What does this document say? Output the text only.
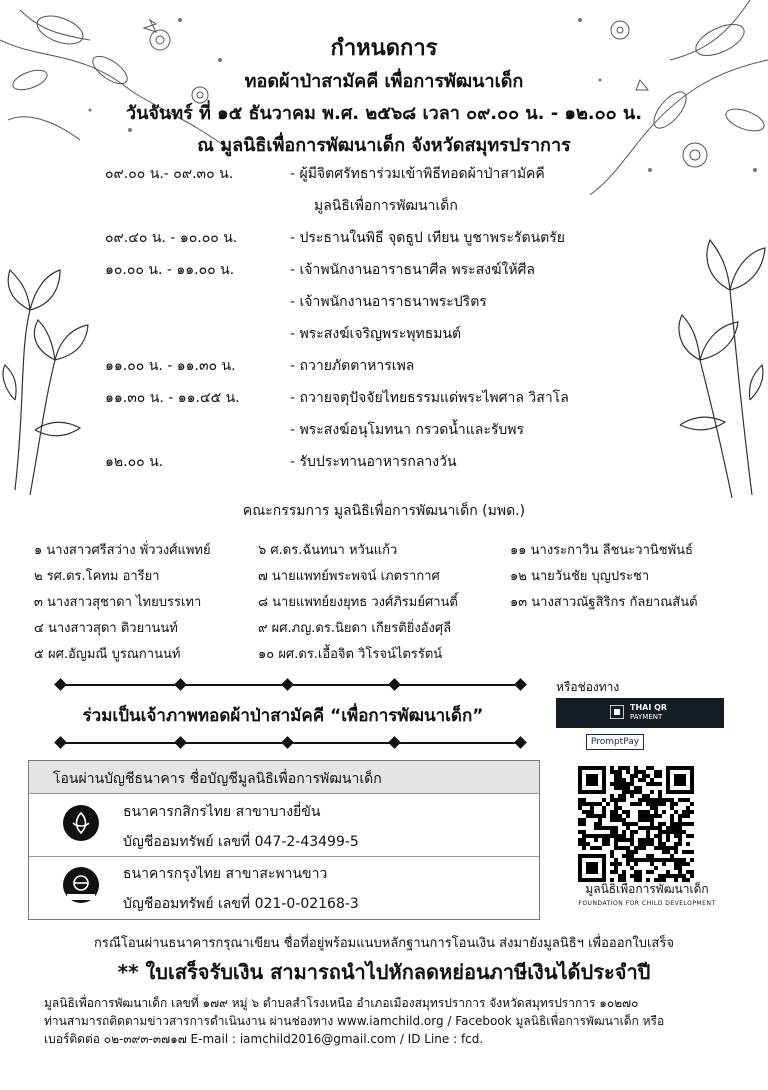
กำหนดการ
ทอดผ้าป่าสามัคคี เพื่อการพัฒนาเด็ก
วันจันทร์ ที่ ๑๕ ธันวาคม พ.ศ. ๒๕๖๘ เวลา ๐๙.๐๐ น. - ๑๒.๐๐ น.
ณ มูลนิธิเพื่อการพัฒนาเด็ก จังหวัดสมุทรปราการ
๐๙.๐๐ น.- ๐๙.๓๐ น.	- ผู้มีจิตศรัทธาร่วมเข้าพิธีทอดผ้าป่าสามัคคี
มูลนิธิเพื่อการพัฒนาเด็ก
๐๙.๔๐ น. - ๑๐.๐๐ น.	- ประธานในพิธี จุดธูป เทียน บูชาพระรัตนตรัย
๑๐.๐๐ น. - ๑๑.๐๐ น.	- เจ้าพนักงานอาราธนาศีล พระสงฆ์ให้ศีล
- เจ้าพนักงานอาราธนาพระปริตร
- พระสงฆ์เจริญพระพุทธมนต์
๑๑.๐๐ น. - ๑๑.๓๐ น.	- ถวายภัตตาหารเพล
๑๑.๓๐ น. - ๑๑.๔๕ น.	- ถวายจตุปัจจัยไทยธรรมแด่พระไพศาล วิสาโล
- พระสงฆ์อนุโมทนา กรวดน้ำและรับพร
๑๒.๐๐ น.	- รับประทานอาหารกลางวัน
คณะกรรมการ มูลนิธิเพื่อการพัฒนาเด็ก (มพด.)
๑ นางสาวศรีสว่าง พั่ววงศ์แพทย์
๒ รศ.ดร.โคทม อารียา
๓ นางสาวสุชาดา ไทยบรรเทา
๔ นางสาวสุดา ติวยานนท์
๕ ผศ.อัญมณี บูรณกานนท์
๖ ศ.ดร.ฉันทนา หวันแก้ว
๗ นายแพทย์พระพจน์ เภตรากาศ
๘ นายแพทย์ยงยุทธ วงศ์ภิรมย์ศานติ์
๙ ผศ.ภญ.ดร.นิยดา เกียรติยิ่งอังศุลี
๑๐ ผศ.ดร.เอื้อจิต วิโรจน์ไตรรัตน์
๑๑ นางระกาวิน ลีชนะวานิชพันธ์
๑๒ นายวันชัย บุญประชา
๑๓ นางสาวณัฐสิริกร กัลยาณสันต์
ร่วมเป็นเจ้าภาพทอดผ้าป่าสามัคคี “เพื่อการพัฒนาเด็ก”
โอนผ่านบัญชีธนาคาร ชื่อบัญชีมูลนิธิเพื่อการพัฒนาเด็ก
ธนาคารกสิกรไทย สาขาบางยี่ขัน
บัญชีออมทรัพย์ เลขที่ 047-2-43499-5
ธนาคารกรุงไทย สาขาสะพานขาว
บัญชีออมทรัพย์ เลขที่ 021-0-02168-3
หรือช่องทาง
THAI QR
PAYMENT
PromptPay
มูลนิธิเพื่อการพัฒนาเด็ก
FOUNDATION FOR CHILD DEVELOPMENT
กรณีโอนผ่านธนาคารกรุณาเขียน ชื่อที่อยู่พร้อมแนบหลักฐานการโอนเงิน ส่งมายังมูลนิธิฯ เพื่อออกใบเสร็จ
** ใบเสร็จรับเงิน สามารถนำไปหักลดหย่อนภาษีเงินได้ประจำปี
มูลนิธิเพื่อการพัฒนาเด็ก เลขที่ ๑๗๙ หมู่ ๖ ตำบลสำโรงเหนือ อำเภอเมืองสมุทรปราการ จังหวัดสมุทรปราการ ๑๐๒๗๐
ท่านสามารถติดตามข่าวสารการดำเนินงาน ผ่านช่องทาง www.iamchild.org / Facebook มูลนิธิเพื่อการพัฒนาเด็ก หรือ
เบอร์ติดต่อ ๐๒-๓๙๓-๓๗๑๗ E-mail : iamchild2016@gmail.com / ID Line : fcd.
